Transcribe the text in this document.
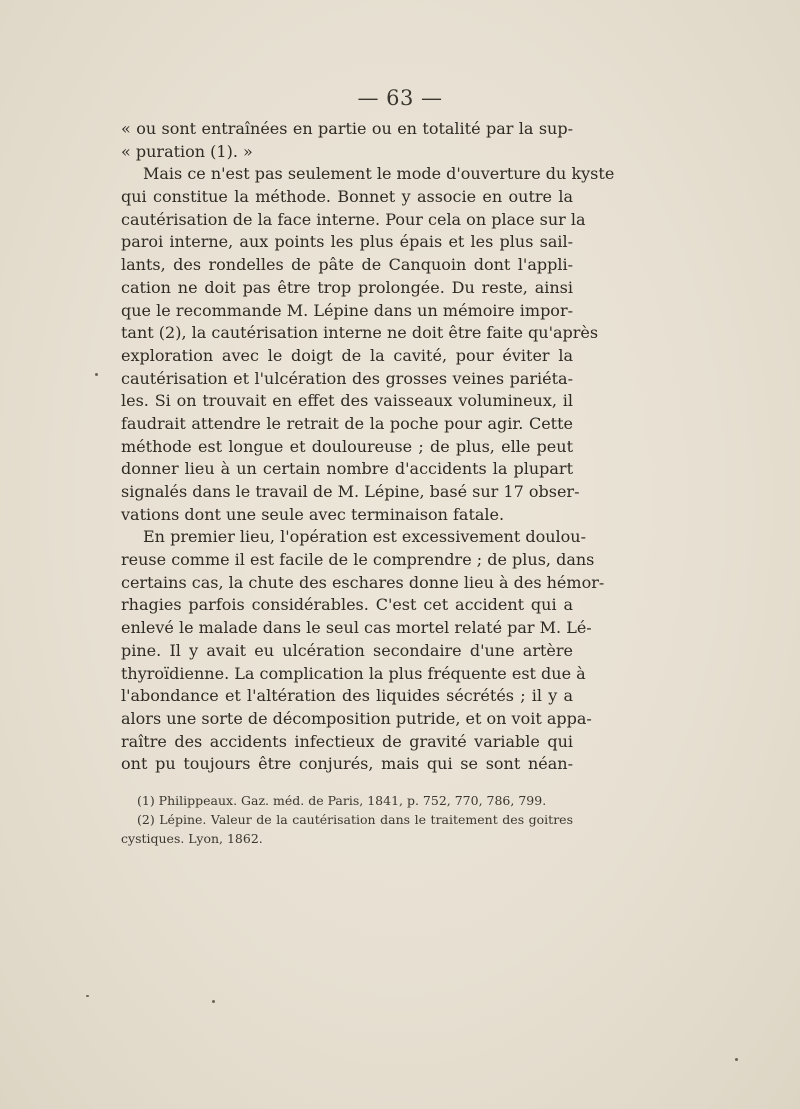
— 63 —
« ou sont entraînées en partie ou en totalité par la sup-
« puration (1). »
Mais ce n'est pas seulement le mode d'ouverture du kyste
qui constitue la méthode. Bonnet y associe en outre la
cautérisation de la face interne. Pour cela on place sur la
paroi interne, aux points les plus épais et les plus sail-
lants, des rondelles de pâte de Canquoin dont l'appli-
cation ne doit pas être trop prolongée. Du reste, ainsi
que le recommande M. Lépine dans un mémoire impor-
tant (2), la cautérisation interne ne doit être faite qu'après
exploration avec le doigt de la cavité, pour éviter la
cautérisation et l'ulcération des grosses veines pariéta-
les. Si on trouvait en effet des vaisseaux volumineux, il
faudrait attendre le retrait de la poche pour agir. Cette
méthode est longue et douloureuse ; de plus, elle peut
donner lieu à un certain nombre d'accidents la plupart
signalés dans le travail de M. Lépine, basé sur 17 obser-
vations dont une seule avec terminaison fatale.
En premier lieu, l'opération est excessivement doulou-
reuse comme il est facile de le comprendre ; de plus, dans
certains cas, la chute des eschares donne lieu à des hémor-
rhagies parfois considérables. C'est cet accident qui a
enlevé le malade dans le seul cas mortel relaté par M. Lé-
pine. Il y avait eu ulcération secondaire d'une artère
thyroïdienne. La complication la plus fréquente est due à
l'abondance et l'altération des liquides sécrétés ; il y a
alors une sorte de décomposition putride, et on voit appa-
raître des accidents infectieux de gravité variable qui
ont pu toujours être conjurés, mais qui se sont néan-
(1) Philippeaux. Gaz. méd. de Paris, 1841, p. 752, 770, 786, 799.
(2) Lépine. Valeur de la cautérisation dans le traitement des goitres
cystiques. Lyon, 1862.
